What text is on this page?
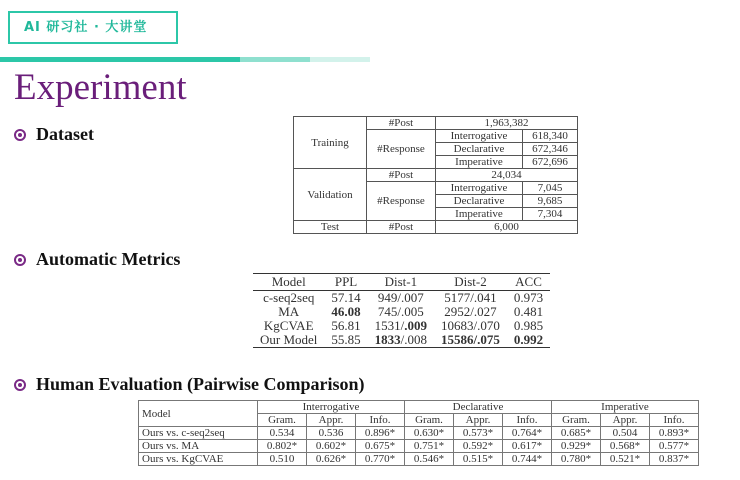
AI 研习社 · 大讲堂
Experiment
Dataset	Training	#Post	1,963,382	
	#Response	Interrogative	618,340
		Declarative	672,346
		Imperative	672,696
Validation	#Post	24,034	
	#Response	Interrogative	7,045
		Declarative	9,685
		Imperative	7,304
Test	#Post	6,000	
Automatic Metrics
Model	PPL	Dist-1	Dist-2	ACC
c-seq2seq	57.14	949/.007	5177/.041	0.973
MA	46.08	745/.005	2952/.027	0.481
KgCVAE	56.81	1531/.009	10683/.070	0.985
Our Model	55.85	1833/.008	15586/.075	0.992
Human Evaluation (Pairwise Comparison)
Model	Interrogative			Declarative			Imperative		
	Gram.	Appr.	Info.	Gram.	Appr.	Info.	Gram.	Appr.	Info.
Ours vs. c-seq2seq	0.534	0.536	0.896*	0.630*	0.573*	0.764*	0.685*	0.504	0.893*
Ours vs. MA	0.802*	0.602*	0.675*	0.751*	0.592*	0.617*	0.929*	0.568*	0.577*
Ours vs. KgCVAE	0.510	0.626*	0.770*	0.546*	0.515*	0.744*	0.780*	0.521*	0.837*
